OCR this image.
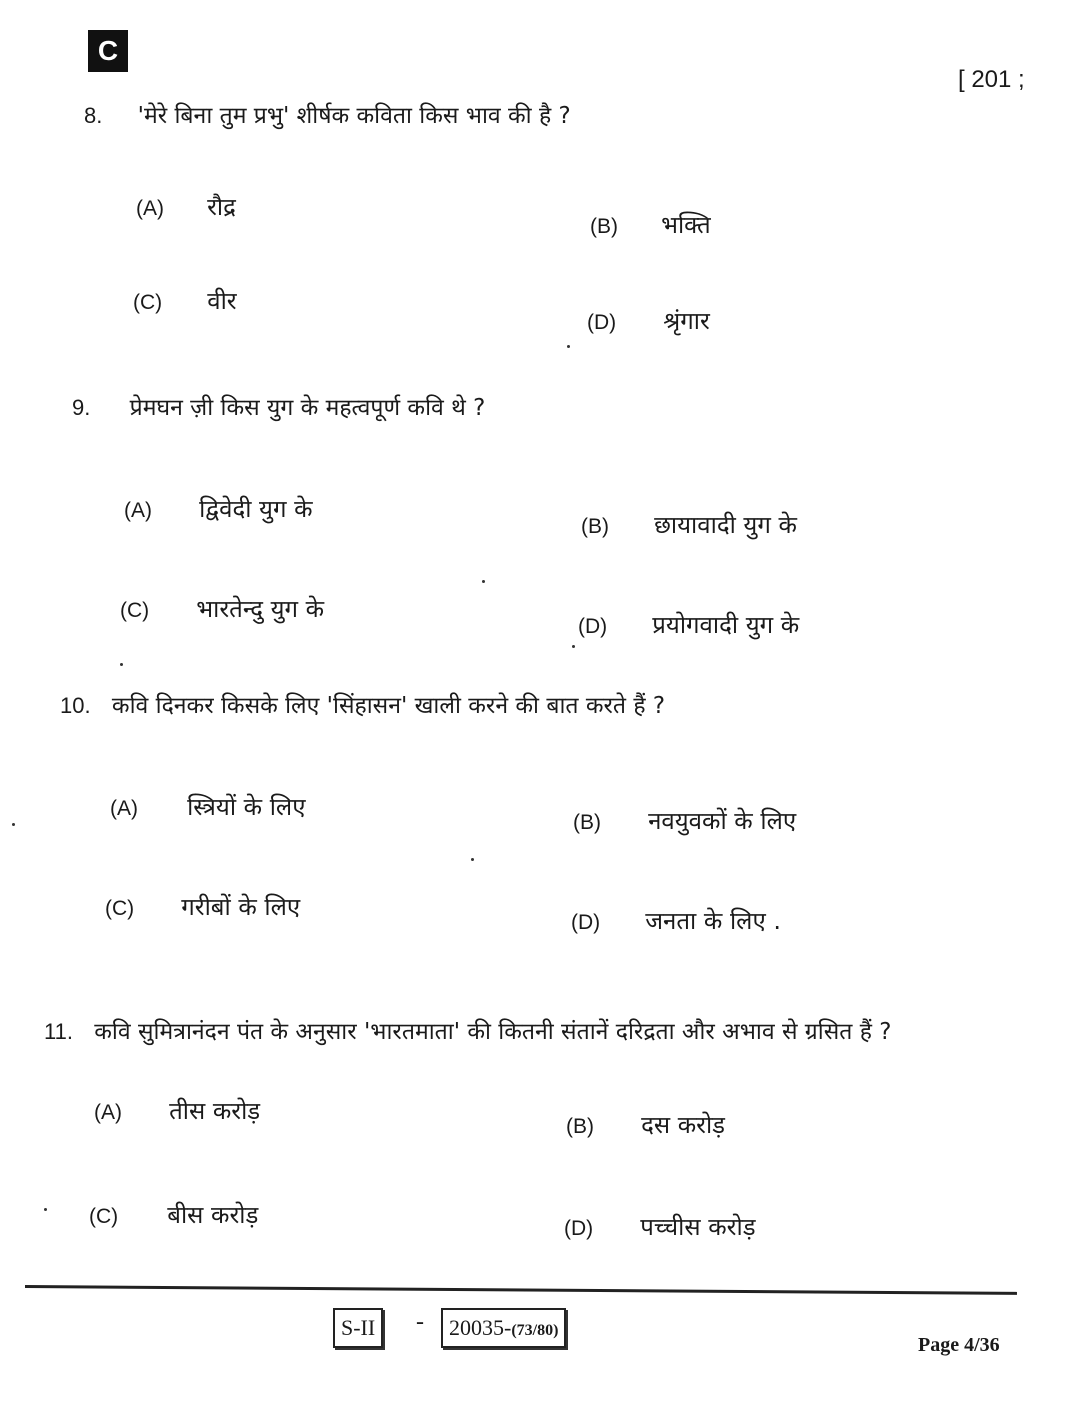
C
[ 201 ;
8. 'मेरे बिना तुम प्रभु' शीर्षक कविता किस भाव की है ?
(A) रौद्र
(B) भक्ति
(C) वीर
(D) श्रृंगार
9. प्रेमघन ज़ी किस युग के महत्वपूर्ण कवि थे ?
(A) द्विवेदी युग के
(B) छायावादी युग के
(C) भारतेन्दु युग के
(D) प्रयोगवादी युग के
10. कवि दिनकर किसके लिए 'सिंहासन' खाली करने की बात करते हैं ?
(A) स्त्रियों के लिए
(B) नवयुवकों के लिए
(C) गरीबों के लिए
(D) जनता के लिए .
11. कवि सुमित्रानंदन पंत के अनुसार 'भारतमाता' की कितनी संतानें दरिद्रता और अभाव से ग्रसित हैं ?
(A) तीस करोड़
(B) दस करोड़
(C) बीस करोड़	(D) पच्चीस करोड़
S-II	-	20035-(73/80)
Page 4/36
